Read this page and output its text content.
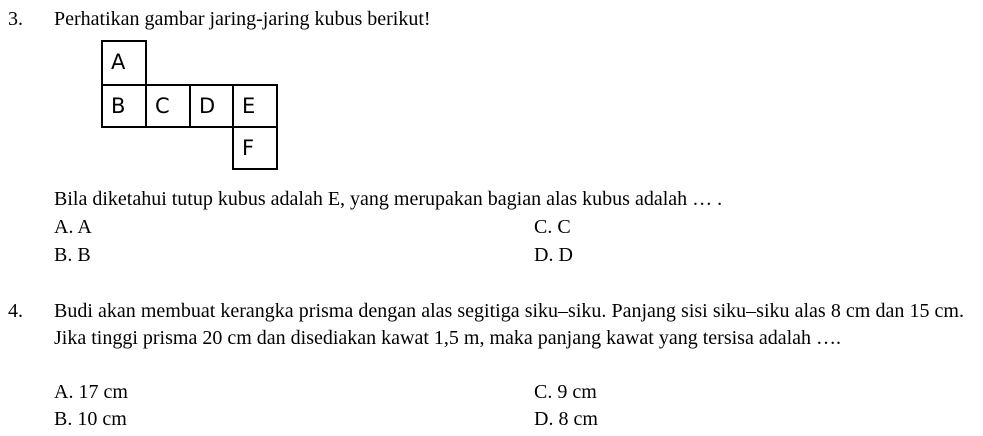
3. Perhatikan gambar jaring-jaring kubus berikut!
A
B	C	D	E
F
Bila diketahui tutup kubus adalah E, yang merupakan bagian alas kubus adalah … .
A. A	C. C
B. B	D. D
4. Budi akan membuat kerangka prisma dengan alas segitiga siku–siku. Panjang sisi siku–siku alas 8 cm dan 15 cm. Jika tinggi prisma 20 cm dan disediakan kawat 1,5 m, maka panjang kawat yang tersisa adalah ….
A. 17 cm	C. 9 cm
B. 10 cm	D. 8 cm
